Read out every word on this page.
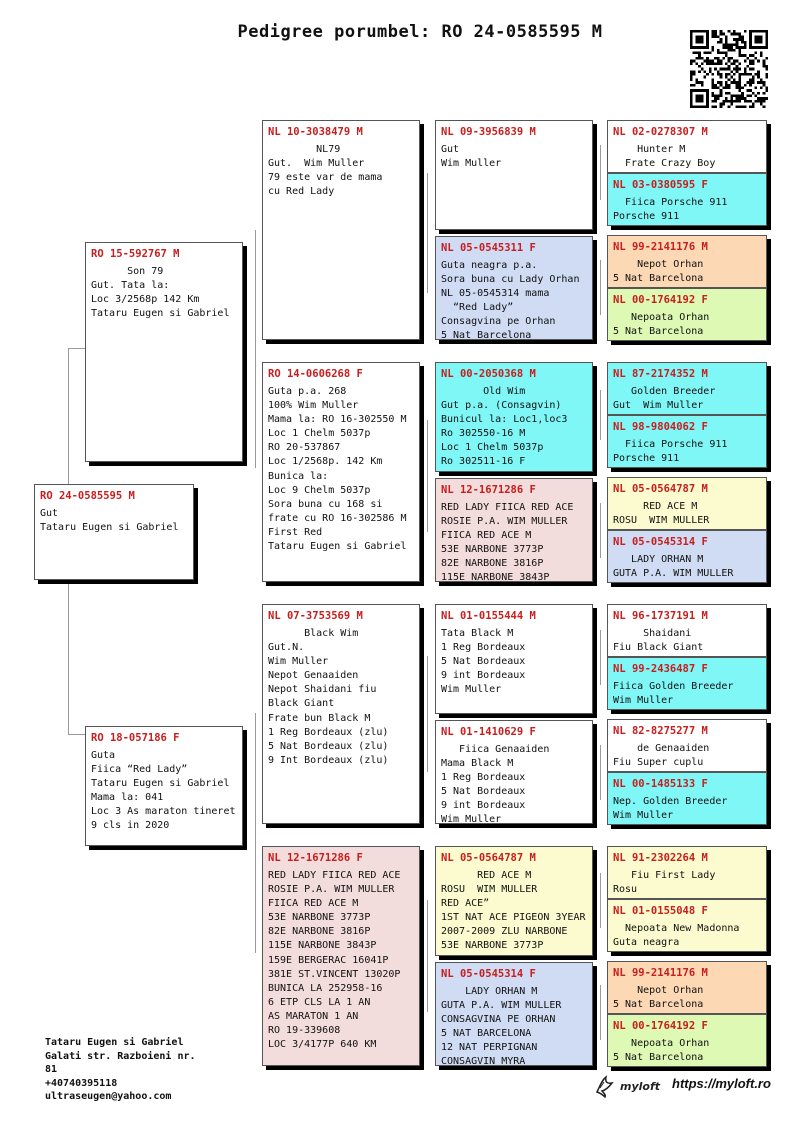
Pedigree porumbel: RO 24-0585595 M
RO 24-0585595 M
Gut
Tataru Eugen si Gabriel
RO 15-592767 M
Son 79
Gut. Tata la:
Loc 3/2568p 142 Km
Tataru Eugen si Gabriel
RO 18-057186 F
Guta
Fiica “Red Lady”
Tataru Eugen si Gabriel
Mama la: 041
Loc 3 As maraton tineret
9 cls in 2020
NL 10-3038479 M
NL79
Gut.  Wim Muller
79 este var de mama
cu Red Lady
RO 14-0606268 F
Guta p.a. 268
100% Wim Muller
Mama la: RO 16-302550 M
Loc 1 Chelm 5037p
RO 20-537867
Loc 1/2568p. 142 Km
Bunica la:
Loc 9 Chelm 5037p
Sora buna cu 168 si
frate cu RO 16-302586 M
First Red
Tataru Eugen si Gabriel
NL 07-3753569 M
Black Wim
Gut.N.
Wim Muller
Nepot Genaaiden
Nepot Shaidani fiu
Black Giant
Frate bun Black M
1 Reg Bordeaux (zlu)
5 Nat Bordeaux (zlu)
9 Int Bordeaux (zlu)
NL 12-1671286 F
RED LADY FIICA RED ACE
ROSIE P.A. WIM MULLER
FIICA RED ACE M
53E NARBONE 3773P
82E NARBONE 3816P
115E NARBONE 3843P
159E BERGERAC 16041P
381E ST.VINCENT 13020P
BUNICA LA 252958-16
6 ETP CLS LA 1 AN
AS MARATON 1 AN
RO 19-339608
LOC 3/4177P 640 KM
NL 09-3956839 M
Gut
Wim Muller
NL 05-0545311 F
Guta neagra p.a.
Sora buna cu Lady Orhan
NL 05-0545314 mama
“Red Lady”
Consagvina pe Orhan
5 Nat Barcelona
NL 00-2050368 M
Old Wim
Gut p.a. (Consagvin)
Bunicul la: Loc1,loc3
Ro 302550-16 M
Loc 1 Chelm 5037p
Ro 302511-16 F
NL 12-1671286 F
RED LADY FIICA RED ACE
ROSIE P.A. WIM MULLER
FIICA RED ACE M
53E NARBONE 3773P
82E NARBONE 3816P
115E NARBONE 3843P
NL 01-0155444 M
Tata Black M
1 Reg Bordeaux
5 Nat Bordeaux
9 int Bordeaux
Wim Muller
NL 01-1410629 F
Fiica Genaaiden
Mama Black M
1 Reg Bordeaux
5 Nat Bordeaux
9 int Bordeaux
Wim Muller
NL 05-0564787 M
RED ACE M
ROSU  WIM MULLER
RED ACE”
1ST NAT ACE PIGEON 3YEAR
2007-2009 ZLU NARBONE
53E NARBONE 3773P
NL 05-0545314 F
LADY ORHAN M
GUTA P.A. WIM MULLER
CONSAGVINA PE ORHAN
5 NAT BARCELONA
12 NAT PERPIGNAN
CONSAGVIN MYRA
NL 02-0278307 M
Hunter M
Frate Crazy Boy
NL 03-0380595 F
Fiica Porsche 911
Porsche 911
NL 99-2141176 M
Nepot Orhan
5 Nat Barcelona
NL 00-1764192 F
Nepoata Orhan
5 Nat Barcelona
NL 87-2174352 M
Golden Breeder
Gut  Wim Muller
NL 98-9804062 F
Fiica Porsche 911
Porsche 911
NL 05-0564787 M
RED ACE M
ROSU  WIM MULLER
NL 05-0545314 F
LADY ORHAN M
GUTA P.A. WIM MULLER
NL 96-1737191 M
Shaidani
Fiu Black Giant
NL 99-2436487 F
Fiica Golden Breeder
Wim Muller
NL 82-8275277 M
de Genaaiden
Fiu Super cuplu
NL 00-1485133 F
Nep. Golden Breeder
Wim Muller
NL 91-2302264 M
Fiu First Lady
Rosu
NL 01-0155048 F
Nepoata New Madonna
Guta neagra
NL 99-2141176 M
Nepot Orhan
5 Nat Barcelona
NL 00-1764192 F
Nepoata Orhan
5 Nat Barcelona
Tataru Eugen si Gabriel
Galati str. Razboieni nr.
81
+40740395118
ultraseugen@yahoo.com
myloft https://myloft.ro
